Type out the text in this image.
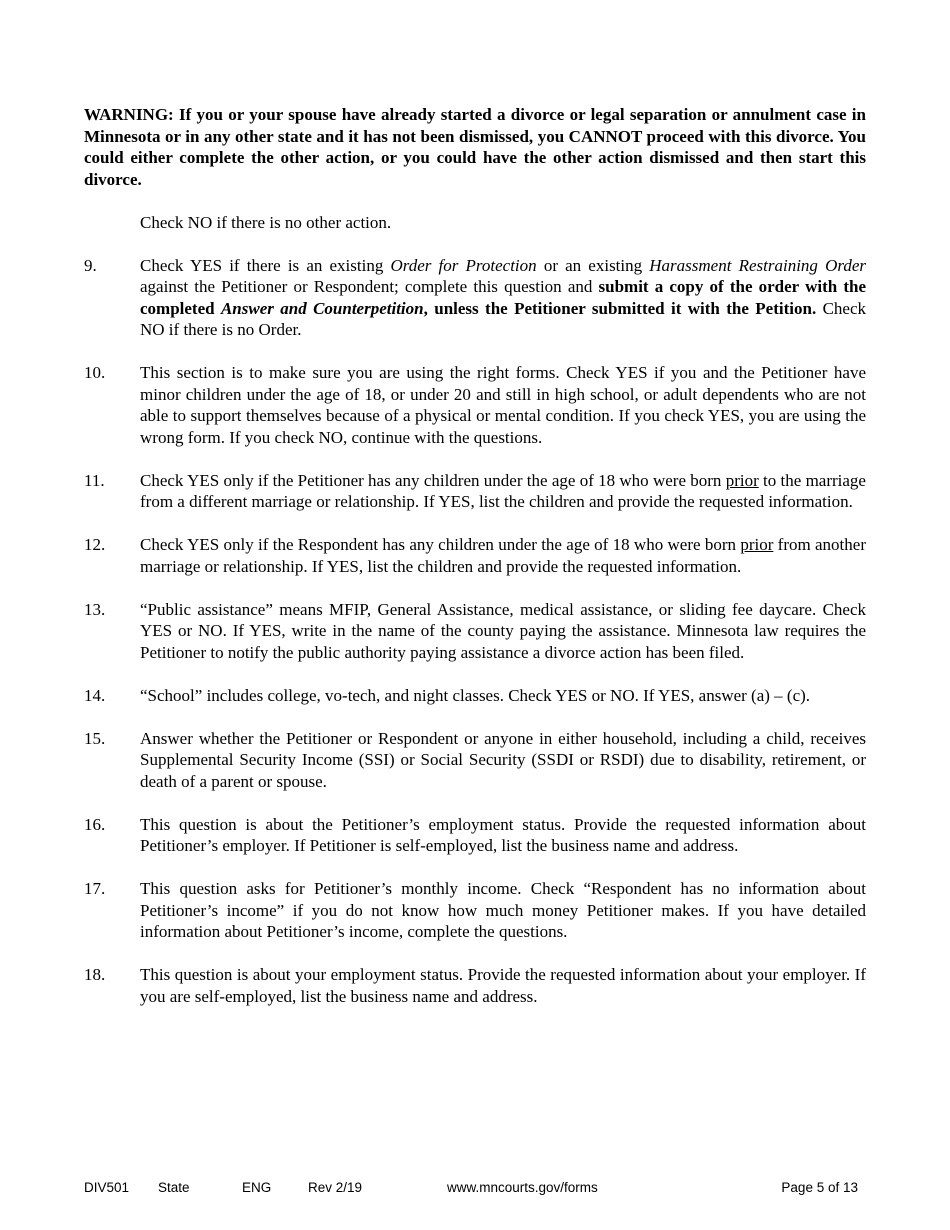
WARNING: If you or your spouse have already started a divorce or legal separation or annulment case in Minnesota or in any other state and it has not been dismissed, you CANNOT proceed with this divorce. You could either complete the other action, or you could have the other action dismissed and then start this divorce.

Check NO if there is no other action.
9.	Check YES if there is an existing Order for Protection or an existing Harassment Restraining Order against the Petitioner or Respondent; complete this question and submit a copy of the order with the completed Answer and Counterpetition, unless the Petitioner submitted it with the Petition. Check NO if there is no Order.
10.	This section is to make sure you are using the right forms. Check YES if you and the Petitioner have minor children under the age of 18, or under 20 and still in high school, or adult dependents who are not able to support themselves because of a physical or mental condition. If you check YES, you are using the wrong form. If you check NO, continue with the questions.
11.	Check YES only if the Petitioner has any children under the age of 18 who were born prior to the marriage from a different marriage or relationship. If YES, list the children and provide the requested information.
12.	Check YES only if the Respondent has any children under the age of 18 who were born prior from another marriage or relationship. If YES, list the children and provide the requested information.
13.	“Public assistance” means MFIP, General Assistance, medical assistance, or sliding fee daycare. Check YES or NO. If YES, write in the name of the county paying the assistance. Minnesota law requires the Petitioner to notify the public authority paying assistance a divorce action has been filed.
14.	“School” includes college, vo-tech, and night classes. Check YES or NO. If YES, answer (a) – (c).
15.	Answer whether the Petitioner or Respondent or anyone in either household, including a child, receives Supplemental Security Income (SSI) or Social Security (SSDI or RSDI) due to disability, retirement, or death of a parent or spouse.
16.	This question is about the Petitioner’s employment status. Provide the requested information about Petitioner’s employer. If Petitioner is self-employed, list the business name and address.
17.	This question asks for Petitioner’s monthly income. Check “Respondent has no information about Petitioner’s income” if you do not know how much money Petitioner makes. If you have detailed information about Petitioner’s income, complete the questions.
18.	This question is about your employment status. Provide the requested information about your employer. If you are self-employed, list the business name and address.
DIV501 State	ENG	Rev 2/19	www.mncourts.gov/forms	Page 5 of 13
